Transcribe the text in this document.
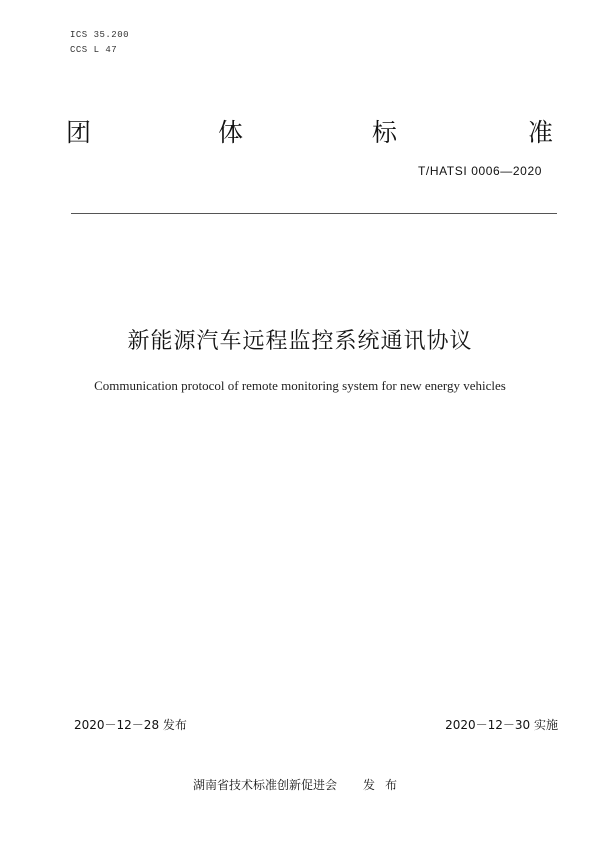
ICS 35.200
CCS L 47
团	体	标	准
T/HATSI 0006—2020
新能源汽车远程监控系统通讯协议
Communication protocol of remote monitoring system for new energy vehicles
2020－12－28 发布	2020－12－30 实施
湖南省技术标准创新促进会 发布
